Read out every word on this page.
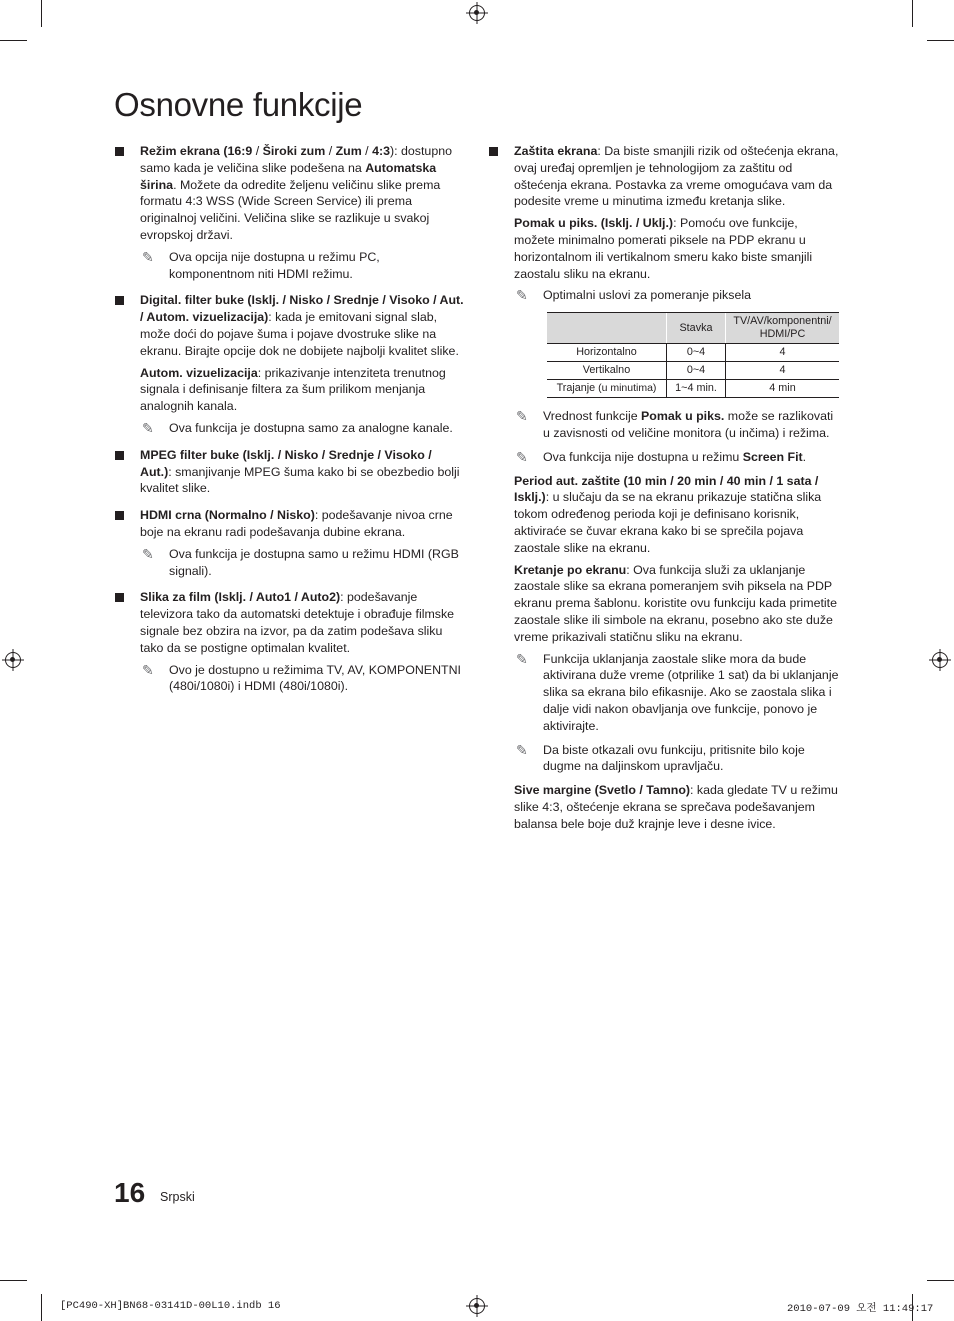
Osnovne funkcije

Režim ekrana (16:9 / Široki zum / Zum / 4:3): dostupno samo kada je veličina slike podešena na Automatska širina. Možete da odredite željenu veličinu slike prema formatu 4:3 WSS (Wide Screen Service) ili prema originalnoj veličini. Veličina slike se razlikuje u svakoj evropskoj državi.

✎ Ova opcija nije dostupna u režimu PC, komponentnom niti HDMI režimu.

Digital. filter buke (Isklj. / Nisko / Srednje / Visoko / Aut. / Autom. vizuelizacija): kada je emitovani signal slab, može doći do pojave šuma i pojave dvostruke slike na ekranu. Birajte opcije dok ne dobijete najbolji kvalitet slike.

Autom. vizuelizacija: prikazivanje intenziteta trenutnog signala i definisanje filtera za šum prilikom menjanja analognih kanala.

✎ Ova funkcija je dostupna samo za analogne kanale.

MPEG filter buke (Isklj. / Nisko / Srednje / Visoko / Aut.): smanjivanje MPEG šuma kako bi se obezbedio bolji kvalitet slike.

HDMI crna (Normalno / Nisko): podešavanje nivoa crne boje na ekranu radi podešavanja dubine ekrana.

✎ Ova funkcija je dostupna samo u režimu HDMI (RGB signali).

Slika za film (Isklj. / Auto1 / Auto2): podešavanje televizora tako da automatski detektuje i obrađuje filmske signale bez obzira na izvor, pa da zatim podešava sliku tako da se postigne optimalan kvalitet.

✎ Ovo je dostupno u režimima TV, AV, KOMPONENTNI (480i/1080i) i HDMI (480i/1080i).

Zaštita ekrana: Da biste smanjili rizik od oštećenja ekrana, ovaj uređaj opremljen je tehnologijom za zaštitu od oštećenja ekrana. Postavka za vreme omogućava vam da podesite vreme u minutima između kretanja slike.

Pomak u piks. (Isklj. / Uklj.): Pomoću ove funkcije, možete minimalno pomerati piksele na PDP ekranu u horizontalnom ili vertikalnom smeru kako biste smanjili zaostalu sliku na ekranu.

✎ Optimalni uslovi za pomeranje piksela
	Stavka	TV/AV/komponentni/ HDMI/PC
Horizontalno	0~4	4
Vertikalno	0~4	4
Trajanje (u minutima)	1~4 min.	4 min
✎ Vrednost funkcije Pomak u piks. može se razlikovati u zavisnosti od veličine monitora (u inčima) i režima.
✎ Ova funkcija nije dostupna u režimu Screen Fit.

Period aut. zaštite (10 min / 20 min / 40 min / 1 sata / Isklj.): u slučaju da se na ekranu prikazuje statična slika tokom određenog perioda koji je definisano korisnik, aktiviraće se čuvar ekrana kako bi se sprečila pojava zaostale slike na ekranu.

Kretanje po ekranu: Ova funkcija služi za uklanjanje zaostale slike sa ekrana pomeranjem svih piksela na PDP ekranu prema šablonu. koristite ovu funkciju kada primetite zaostale slike ili simbole na ekranu, posebno ako ste duže vreme prikazivali statičnu sliku na ekranu.

✎ Funkcija uklanjanja zaostale slike mora da bude aktivirana duže vreme (otprilike 1 sat) da bi uklanjanje slika sa ekrana bilo efikasnije. Ako se zaostala slika i dalje vidi nakon obavljanja ove funkcije, ponovo je aktivirajte.
✎ Da biste otkazali ovu funkciju, pritisnite bilo koje dugme na daljinskom upravljaču.

Sive margine (Svetlo / Tamno): kada gledate TV u režimu slike 4:3, oštećenje ekrana se sprečava podešavanjem balansa bele boje duž krajnje leve i desne ivice.

16 Srpski
[PC490-XH]BN68-03141D-00L10.indb 16	2010-07-09 오전 11:49:17
